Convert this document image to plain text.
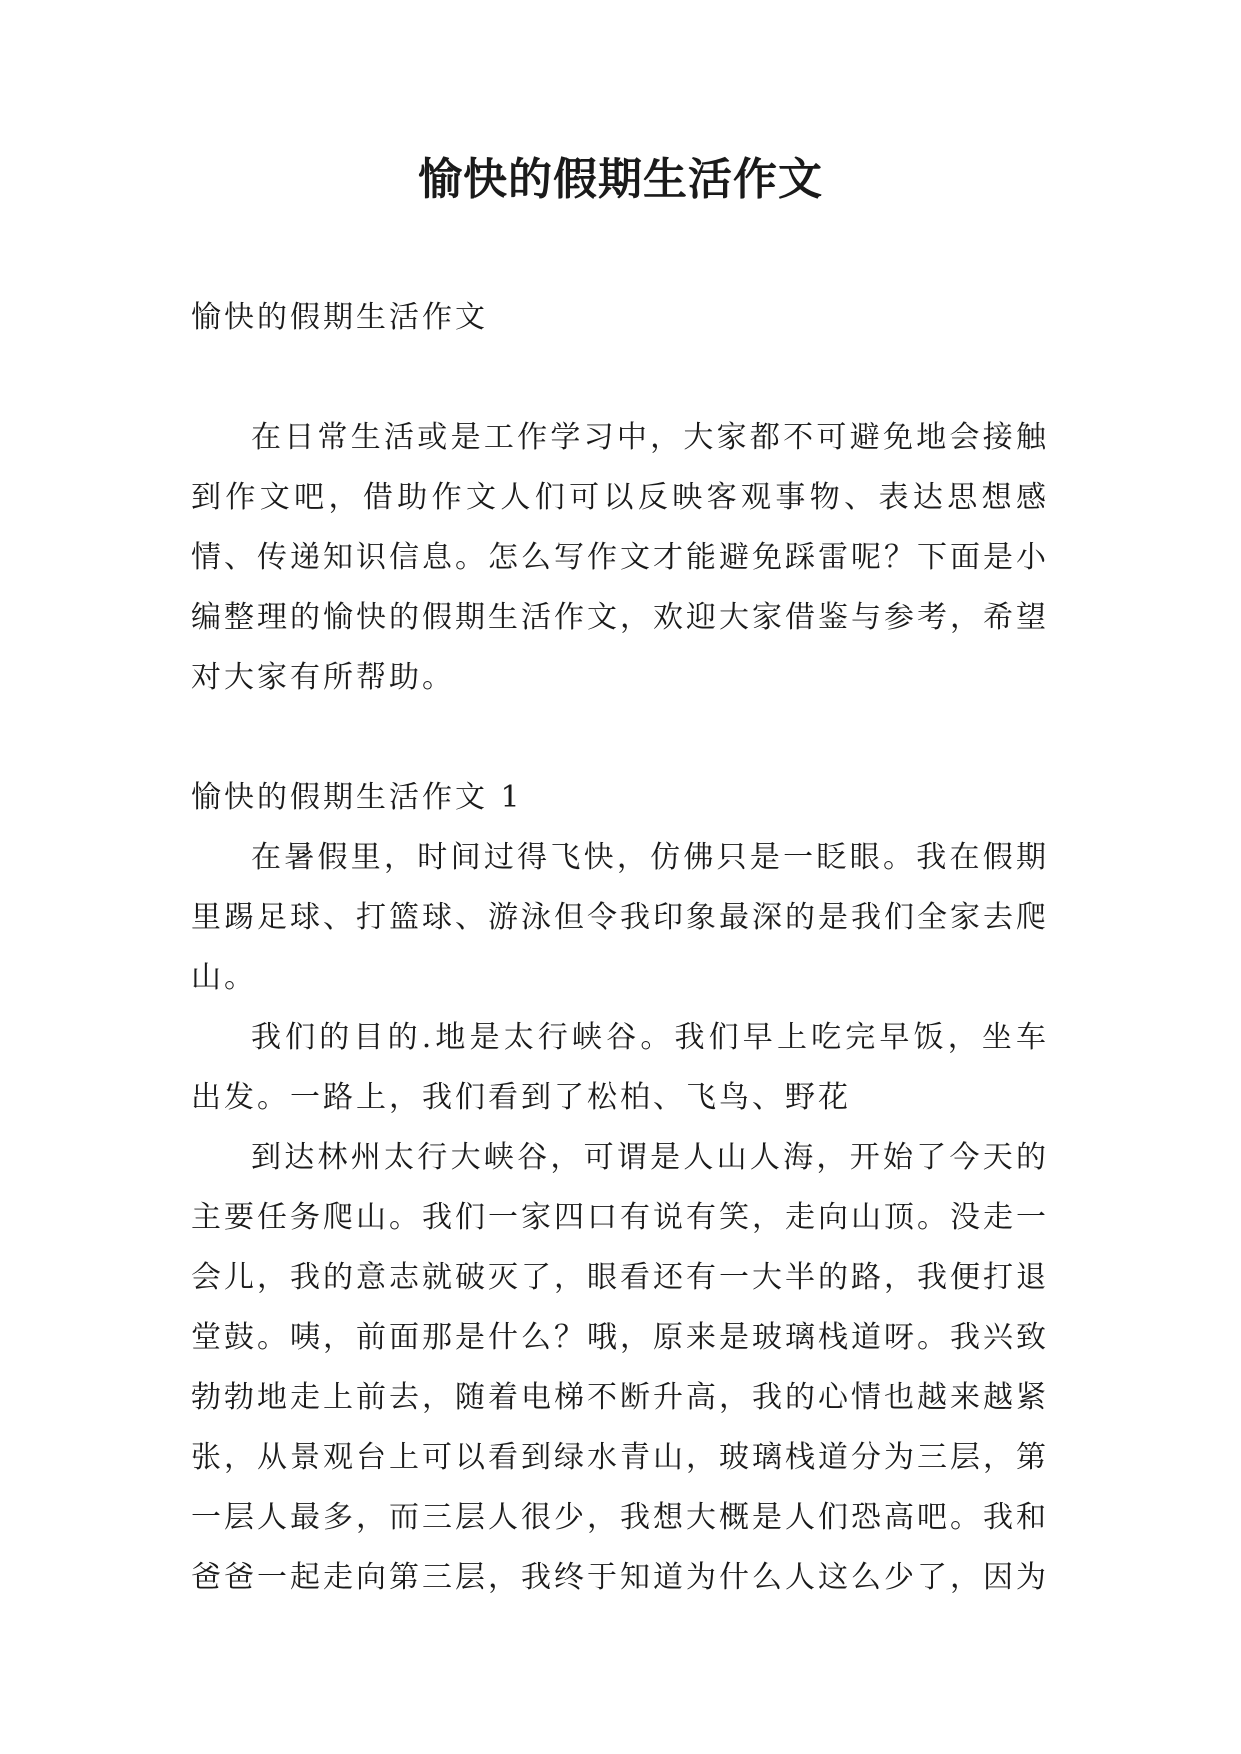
愉快的假期生活作文

愉快的假期生活作文

在日常生活或是工作学习中，大家都不可避免地会接触到作文吧，借助作文人们可以反映客观事物、表达思想感情、传递知识信息。怎么写作文才能避免踩雷呢？下面是小编整理的愉快的假期生活作文，欢迎大家借鉴与参考，希望对大家有所帮助。

愉快的假期生活作文 1

在暑假里，时间过得飞快，仿佛只是一眨眼。我在假期里踢足球、打篮球、游泳但令我印象最深的是我们全家去爬山。

我们的目的.地是太行峡谷。我们早上吃完早饭，坐车出发。一路上，我们看到了松柏、飞鸟、野花

到达林州太行大峡谷，可谓是人山人海，开始了今天的主要任务爬山。我们一家四口有说有笑，走向山顶。没走一会儿，我的意志就破灭了，眼看还有一大半的路，我便打退堂鼓。咦，前面那是什么？哦，原来是玻璃栈道呀。我兴致勃勃地走上前去，随着电梯不断升高，我的心情也越来越紧张，从景观台上可以看到绿水青山，玻璃栈道分为三层，第一层人最多，而三层人很少，我想大概是人们恐高吧。我和爸爸一起走向第三层，我终于知道为什么人这么少了，因为
